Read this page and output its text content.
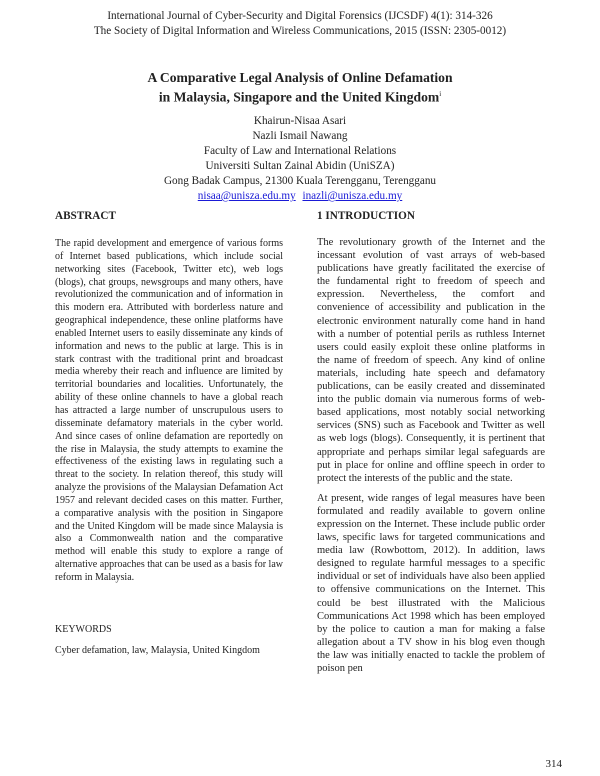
International Journal of Cyber-Security and Digital Forensics (IJCSDF) 4(1): 314-326
The Society of Digital Information and Wireless Communications, 2015 (ISSN: 2305-0012)
A Comparative Legal Analysis of Online Defamation
in Malaysia, Singapore and the United Kingdom$^i$
Khairun-Nisaa Asari
Nazli Ismail Nawang
Faculty of Law and International Relations
Universiti Sultan Zainal Abidin (UniSZA)
Gong Badak Campus, 21300 Kuala Terengganu, Terengganu
nisaa@unisza.edu.my inazli@unisza.edu.my
ABSTRACT

The rapid development and emergence of various forms of Internet based publications, which include social networking sites (Facebook, Twitter etc), web logs (blogs), chat groups, newsgroups and many others, have revolutionized the communication and of information in this modern era. Attributed with borderless nature and geographical independence, these online platforms have enabled Internet users to easily disseminate any kinds of information and news to the public at large. This is in stark contrast with the traditional print and broadcast media whereby their reach and influence are limited by territorial boundaries and localities. Unfortunately, the ability of these online channels to have a global reach has attracted a large number of unscrupulous users to disseminate defamatory materials in the cyber world. And since cases of online defamation are reportedly on the rise in Malaysia, the study attempts to examine the effectiveness of the existing laws in regulating such a threat to the society. In relation thereof, this study will analyze the provisions of the Malaysian Defamation Act 1957 and relevant decided cases on this matter. Further, a comparative analysis with the position in Singapore and the United Kingdom will be made since Malaysia is also a Commonwealth nation and the comparative method will enable this study to explore a range of alternative approaches that can be used as a basis for law reform in Malaysia.

KEYWORDS
Cyber defamation, law, Malaysia, United Kingdom
1 INTRODUCTION

The revolutionary growth of the Internet and the incessant evolution of vast arrays of web-based publications have greatly facilitated the exercise of the fundamental right to freedom of speech and expression. Nevertheless, the comfort and convenience of accessibility and publication in the electronic environment naturally come hand in hand with a number of potential perils as ruthless Internet users could easily exploit these online platforms in the name of freedom of speech. Any kind of online materials, including hate speech and defamatory publications, can be easily created and disseminated into the public domain via numerous forms of web-based applications, most notably social networking services (SNS) such as Facebook and Twitter as well as web logs (blogs). Consequently, it is pertinent that appropriate and perhaps similar legal safeguards are put in place for online and offline speech in order to protect the interests of the public and the state.

At present, wide ranges of legal measures have been formulated and readily available to govern online expression on the Internet. These include public order laws, specific laws for targeted communications and media law (Rowbottom, 2012). In addition, laws designed to regulate harmful messages to a specific individual or set of individuals have also been applied to offensive communications on the Internet. This could be best illustrated with the Malicious Communications Act 1998 which has been employed by the police to caution a man for making a false allegation about a TV show in his blog even though the law was initially enacted to tackle the problem of poison pen

314
